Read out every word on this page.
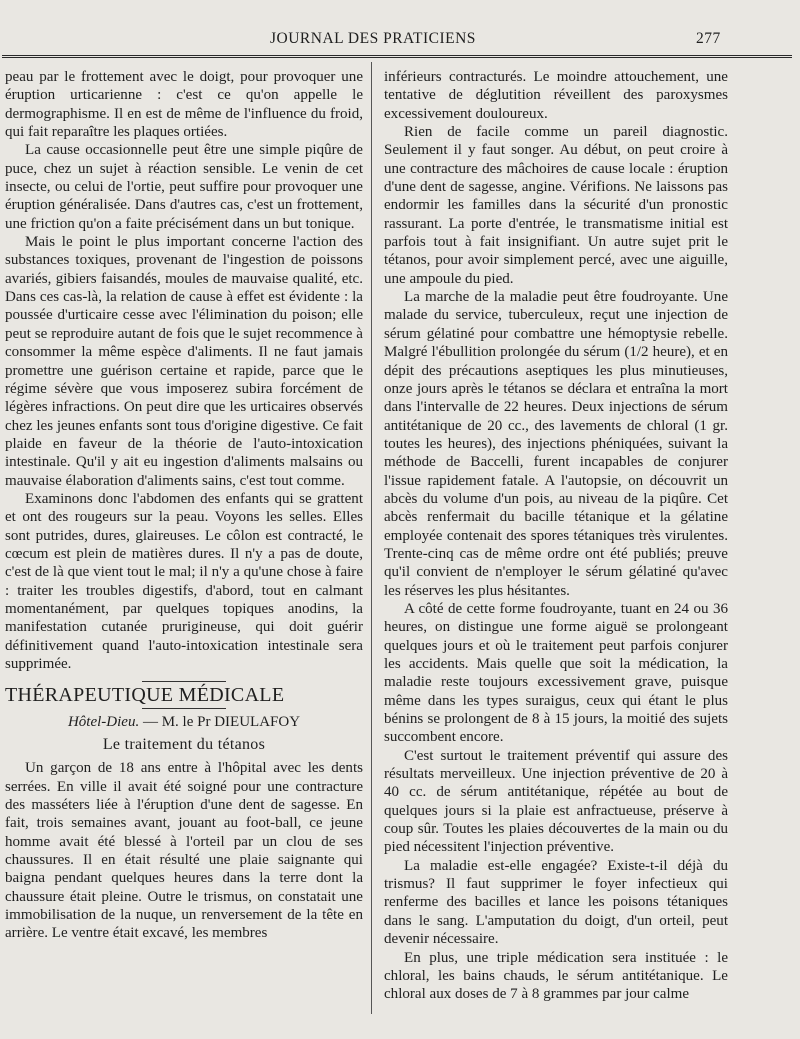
JOURNAL DES PRATICIENS	277

peau par le frottement avec le doigt, pour provoquer une éruption urticarienne : c'est ce qu'on appelle le dermographisme. Il en est de même de l'influence du froid, qui fait reparaître les plaques ortiées.

La cause occasionnelle peut être une simple piqûre de puce, chez un sujet à réaction sensible. Le venin de cet insecte, ou celui de l'ortie, peut suffire pour provoquer une éruption généralisée. Dans d'autres cas, c'est un frottement, une friction qu'on a faite précisément dans un but tonique.

Mais le point le plus important concerne l'action des substances toxiques, provenant de l'ingestion de poissons avariés, gibiers faisandés, moules de mauvaise qualité, etc. Dans ces cas-là, la relation de cause à effet est évidente : la poussée d'urticaire cesse avec l'élimination du poison; elle peut se reproduire autant de fois que le sujet recommence à consommer la même espèce d'aliments. Il ne faut jamais promettre une guérison certaine et rapide, parce que le régime sévère que vous imposerez subira forcément de légères infractions. On peut dire que les urticaires observés chez les jeunes enfants sont tous d'origine digestive. Ce fait plaide en faveur de la théorie de l'auto-intoxication intestinale. Qu'il y ait eu ingestion d'aliments malsains ou mauvaise élaboration d'aliments sains, c'est tout comme.

Examinons donc l'abdomen des enfants qui se grattent et ont des rougeurs sur la peau. Voyons les selles. Elles sont putrides, dures, glaireuses. Le côlon est contracté, le cœcum est plein de matières dures. Il n'y a pas de doute, c'est de là que vient tout le mal; il n'y a qu'une chose à faire : traiter les troubles digestifs, d'abord, tout en calmant momentanément, par quelques topiques anodins, la manifestation cutanée prurigineuse, qui doit guérir définitivement quand l'auto-intoxication intestinale sera supprimée.

THÉRAPEUTIQUE MÉDICALE

Hôtel-Dieu. — M. le Pr DIEULAFOY
Le traitement du tétanos

Un garçon de 18 ans entre à l'hôpital avec les dents serrées. En ville il avait été soigné pour une contracture des masséters liée à l'éruption d'une dent de sagesse. En fait, trois semaines avant, jouant au foot-ball, ce jeune homme avait été blessé à l'orteil par un clou de ses chaussures. Il en était résulté une plaie saignante qui baigna pendant quelques heures dans la terre dont la chaussure était pleine. Outre le trismus, on constatait une immobilisation de la nuque, un renversement de la tête en arrière. Le ventre était excavé, les membres

inférieurs contracturés. Le moindre attouchement, une tentative de déglutition réveillent des paroxysmes excessivement douloureux.

Rien de facile comme un pareil diagnostic. Seulement il y faut songer. Au début, on peut croire à une contracture des mâchoires de cause locale : éruption d'une dent de sagesse, angine. Vérifions. Ne laissons pas endormir les familles dans la sécurité d'un pronostic rassurant. La porte d'entrée, le transmatisme initial est parfois tout à fait insignifiant. Un autre sujet prit le tétanos, pour avoir simplement percé, avec une aiguille, une ampoule du pied.

La marche de la maladie peut être foudroyante. Une malade du service, tuberculeux, reçut une injection de sérum gélatiné pour combattre une hémoptysie rebelle. Malgré l'ébullition prolongée du sérum (1/2 heure), et en dépit des précautions aseptiques les plus minutieuses, onze jours après le tétanos se déclara et entraîna la mort dans l'intervalle de 22 heures. Deux injections de sérum antitétanique de 20 cc., des lavements de chloral (1 gr. toutes les heures), des injections phéniquées, suivant la méthode de Baccelli, furent incapables de conjurer l'issue rapidement fatale. A l'autopsie, on découvrit un abcès du volume d'un pois, au niveau de la piqûre. Cet abcès renfermait du bacille tétanique et la gélatine employée contenait des spores tétaniques très virulentes. Trente-cinq cas de même ordre ont été publiés; preuve qu'il convient de n'employer le sérum gélatiné qu'avec les réserves les plus hésitantes.

A côté de cette forme foudroyante, tuant en 24 ou 36 heures, on distingue une forme aiguë se prolongeant quelques jours et où le traitement peut parfois conjurer les accidents. Mais quelle que soit la médication, la maladie reste toujours excessivement grave, puisque même dans les types suraigus, ceux qui étant le plus bénins se prolongent de 8 à 15 jours, la moitié des sujets succombent encore.

C'est surtout le traitement préventif qui assure des résultats merveilleux. Une injection préventive de 20 à 40 cc. de sérum antitétanique, répétée au bout de quelques jours si la plaie est anfractueuse, préserve à coup sûr. Toutes les plaies découvertes de la main ou du pied nécessitent l'injection préventive.

La maladie est-elle engagée? Existe-t-il déjà du trismus? Il faut supprimer le foyer infectieux qui renferme des bacilles et lance les poisons tétaniques dans le sang. L'amputation du doigt, d'un orteil, peut devenir nécessaire.

En plus, une triple médication sera instituée : le chloral, les bains chauds, le sérum antitétanique. Le chloral aux doses de 7 à 8 grammes par jour calme
